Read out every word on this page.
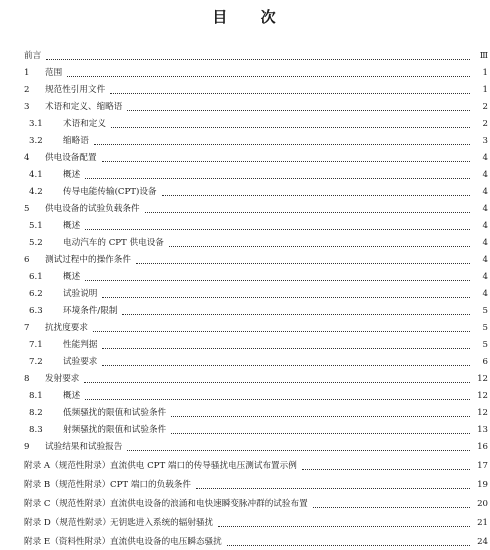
目 次
前言	Ⅲ
1	范围	1
2	规范性引用文件	1
3	术语和定义、缩略语	2
3.1	术语和定义	2
3.2	缩略语	3
4	供电设备配置	4
4.1	概述	4
4.2	传导电能传输(CPT)设备	4
5	供电设备的试验负载条件	4
5.1	概述	4
5.2	电动汽车的 CPT 供电设备	4
6	测试过程中的操作条件	4
6.1	概述	4
6.2	试验说明	4
6.3	环境条件/限制	5
7	抗扰度要求	5
7.1	性能判据	5
7.2	试验要求	6
8	发射要求	12
8.1	概述	12
8.2	低频骚扰的限值和试验条件	12
8.3	射频骚扰的限值和试验条件	13
9	试验结果和试验报告	16
附录 A（规范性附录） 直流供电 CPT 端口的传导骚扰电压测试布置示例	17
附录 B（规范性附录） CPT 端口的负载条件	19
附录 C（规范性附录） 直流供电设备的浪涌和电快速瞬变脉冲群的试验布置	20
附录 D（规范性附录） 无钥匙进入系统的辐射骚扰	21
附录 E（资料性附录） 直流供电设备的电压瞬态骚扰	24
